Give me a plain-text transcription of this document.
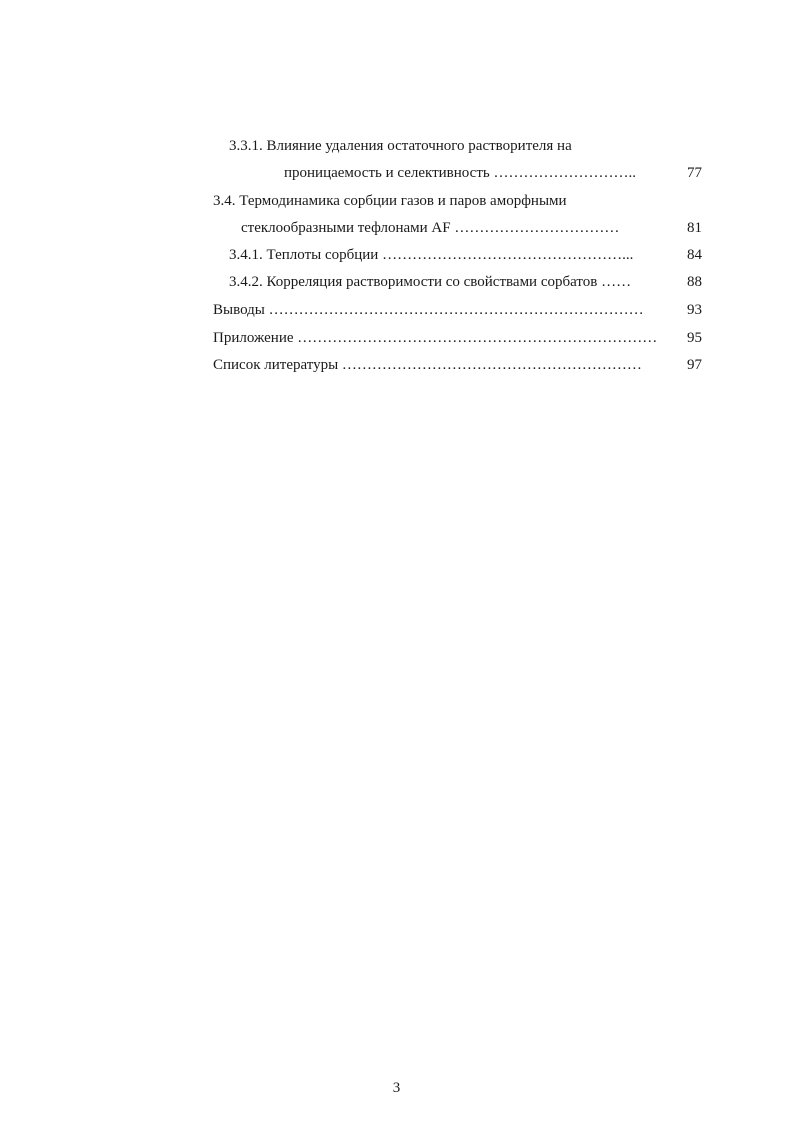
3.3.1. Влияние удаления остаточного растворителя на
проницаемость и селективность ………………………..	77
3.4. Термодинамика сорбции газов и паров аморфными
стеклообразными тефлонами AF ……………………………	81
3.4.1. Теплоты сорбции …………………………………………...	84
3.4.2. Корреляция растворимости со свойствами сорбатов ……	88
Выводы …………………………………………………………………	93
Приложение ………………………………………………………………	95
Список литературы ……………………………………………………	97
3
